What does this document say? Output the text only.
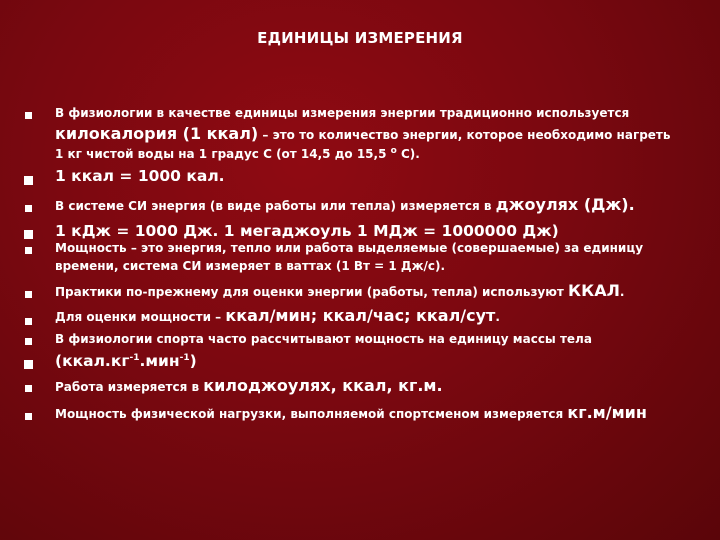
ЕДИНИЦЫ ИЗМЕРЕНИЯ
В физиологии в качестве единицы измерения энергии традиционно используется
килокалория (1 ккал) – это то количество энергии, которое необходимо нагреть
1 кг чистой воды на 1 градус С (от 14,5 до 15,5 $^о$ С).
1 ккал = 1000 кал.
В системе СИ энергия (в виде работы или тепла) измеряется в джоулях (Дж).
1 кДж = 1000 Дж. 1 мегаджоуль 1 МДж = 1000000 Дж)
Мощность – это энергия, тепло или работа выделяемые (совершаемые) за единицу
времени, система СИ измеряет в ваттах (1 Вт = 1 Дж/с).
Практики по-прежнему для оценки энергии (работы, тепла) используют ККАЛ.
Для оценки мощности – ккал/мин; ккал/час; ккал/сут.
В физиологии спорта часто рассчитывают мощность на единицу массы тела
$(ккал.кг^{-1}.мин^{-1})$
Работа измеряется в килоджоулях, ккал, кг.м.
Мощность физической нагрузки, выполняемой спортсменом измеряется кг.м/мин
